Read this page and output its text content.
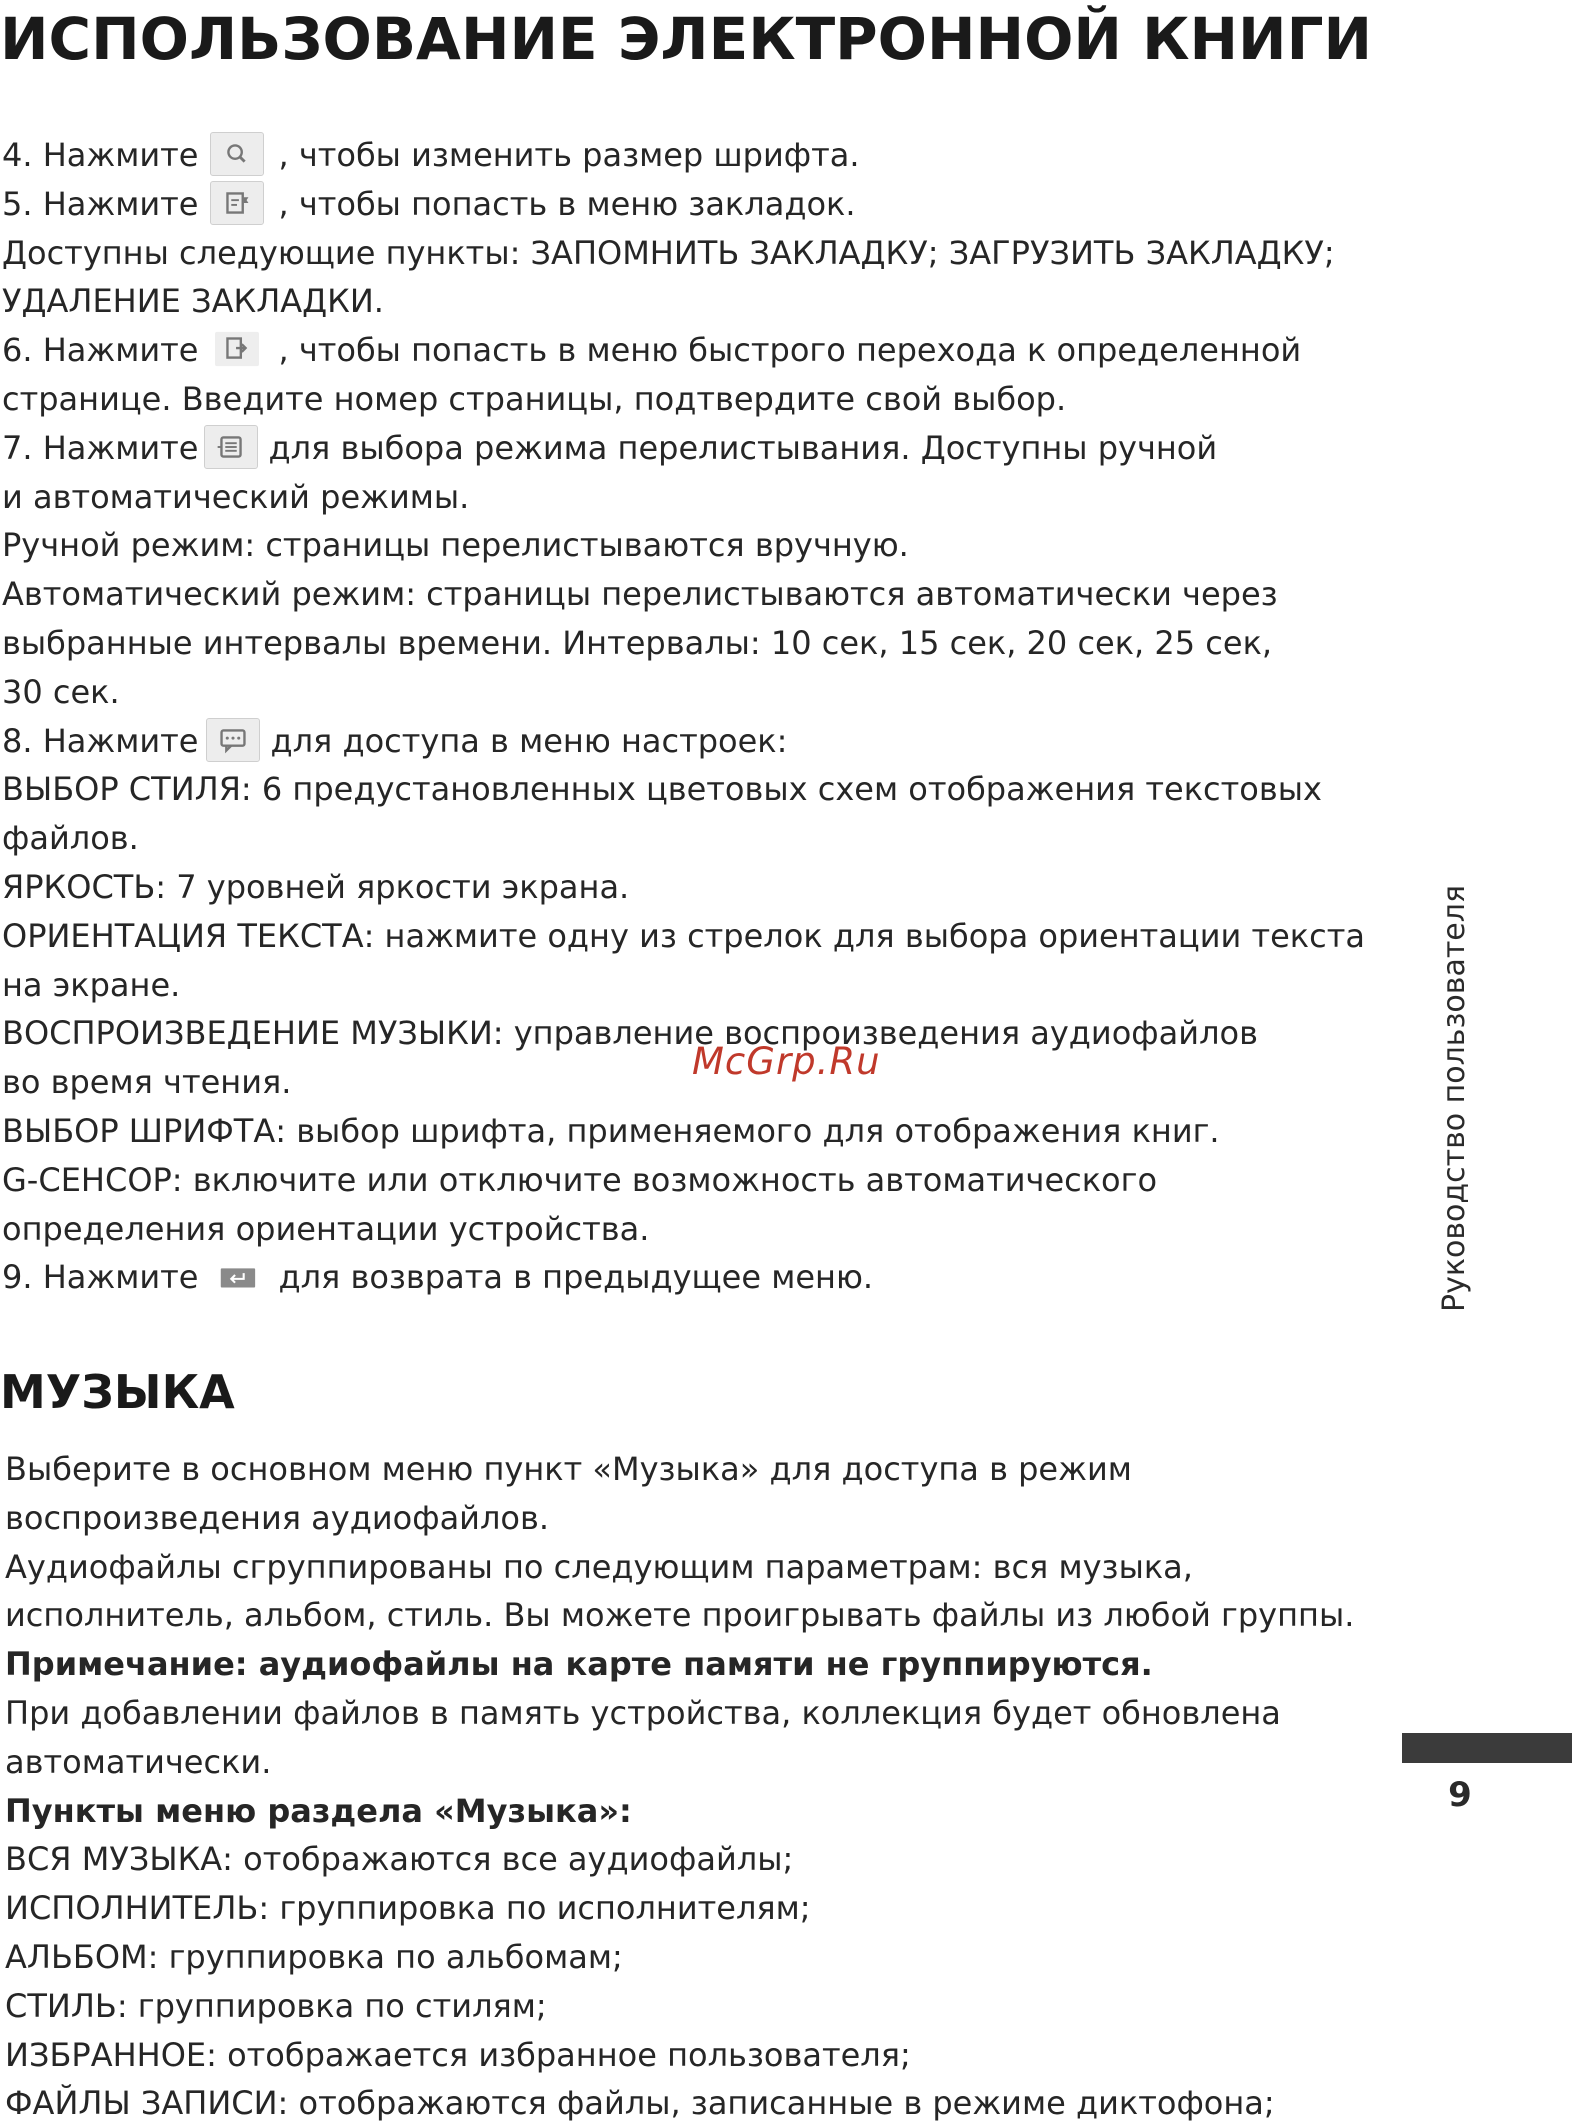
ИСПОЛЬЗОВАНИЕ ЭЛЕКТРОННОЙ КНИГИ
4. Нажмите	, чтобы изменить размер шрифта.
5. Нажмите	, чтобы попасть в меню закладок.
Доступны следующие пункты: ЗАПОМНИТЬ ЗАКЛАДКУ; ЗАГРУЗИТЬ ЗАКЛАДКУ;
УДАЛЕНИЕ ЗАКЛАДКИ.
6. Нажмите	, чтобы попасть в меню быстрого перехода к определенной
странице. Введите номер страницы, подтвердите свой выбор.
7. Нажмите для выбора режима перелистывания. Доступны ручной
и автоматический режимы.
Ручной режим: страницы перелистываются вручную.
Автоматический режим: страницы перелистываются автоматически через
выбранные интервалы времени. Интервалы: 10 сек, 15 сек, 20 сек, 25 сек,
30 сек.
8. Нажмите для доступа в меню настроек:
ВЫБОР СТИЛЯ: 6 предустановленных цветовых схем отображения текстовых
файлов.
ЯРКОСТЬ: 7 уровней яркости экрана.
ОРИЕНТАЦИЯ ТЕКСТА: нажмите одну из стрелок для выбора ориентации текста
на экране.
ВОСПРОИЗВЕДЕНИЕ МУЗЫКИ: управление воспроизведения аудиофайлов
во время чтения.
ВЫБОР ШРИФТА: выбор шрифта, применяемого для отображения книг.
G-СЕНСОР: включите или отключите возможность автоматического
определения ориентации устройства.
9. Нажмите	для возврата в предыдущее меню.
МУЗЫКА
Выберите в основном меню пункт «Музыка» для доступа в режим
воспроизведения аудиофайлов.
Аудиофайлы сгруппированы по следующим параметрам: вся музыка,
исполнитель, альбом, стиль. Вы можете проигрывать файлы из любой группы.
Примечание: аудиофайлы на карте памяти не группируются.
При добавлении файлов в память устройства, коллекция будет обновлена
автоматически.
Пункты меню раздела «Музыка»:
ВСЯ МУЗЫКА: отображаются все аудиофайлы;
ИСПОЛНИТЕЛЬ: группировка по исполнителям;
АЛЬБОМ: группировка по альбомам;
СТИЛЬ: группировка по стилям;
ИЗБРАННОЕ: отображается избранное пользователя;
ФАЙЛЫ ЗАПИСИ: отображаются файлы, записанные в режиме диктофона;
McGrp.Ru	Руководство пользователя
9
